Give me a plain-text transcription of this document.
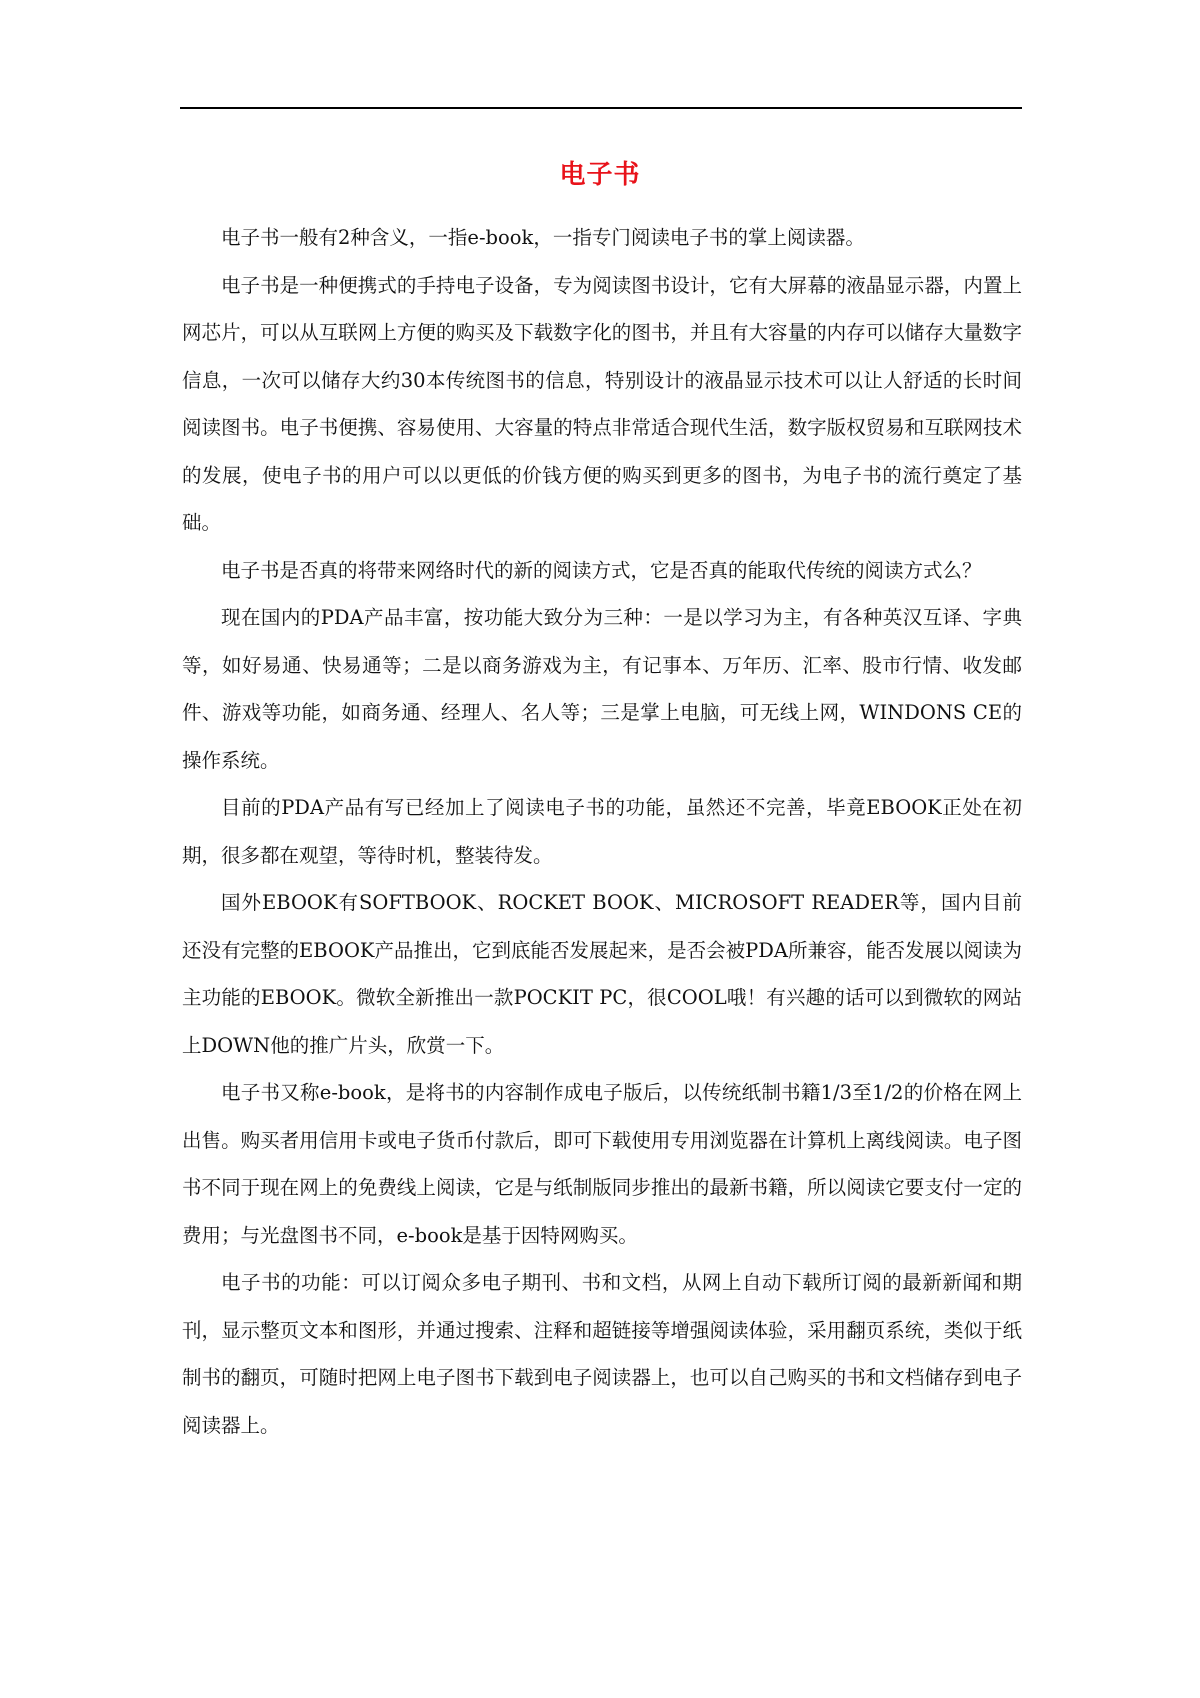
电子书

电子书一般有2种含义，一指e-book，一指专门阅读电子书的掌上阅读器。

电子书是一种便携式的手持电子设备，专为阅读图书设计，它有大屏幕的液晶显示器，内置上网芯片，可以从互联网上方便的购买及下载数字化的图书，并且有大容量的内存可以储存大量数字信息，一次可以储存大约30本传统图书的信息，特别设计的液晶显示技术可以让人舒适的长时间阅读图书。电子书便携、容易使用、大容量的特点非常适合现代生活，数字版权贸易和互联网技术的发展，使电子书的用户可以以更低的价钱方便的购买到更多的图书，为电子书的流行奠定了基础。

电子书是否真的将带来网络时代的新的阅读方式，它是否真的能取代传统的阅读方式么？

现在国内的PDA产品丰富，按功能大致分为三种：一是以学习为主，有各种英汉互译、字典等，如好易通、快易通等；二是以商务游戏为主，有记事本、万年历、汇率、股市行情、收发邮件、游戏等功能，如商务通、经理人、名人等；三是掌上电脑，可无线上网，WINDONS CE的操作系统。

目前的PDA产品有写已经加上了阅读电子书的功能，虽然还不完善，毕竟EBOOK正处在初期，很多都在观望，等待时机，整装待发。

国外EBOOK有SOFTBOOK、ROCKET BOOK、MICROSOFT READER等，国内目前还没有完整的EBOOK产品推出，它到底能否发展起来，是否会被PDA所兼容，能否发展以阅读为主功能的EBOOK。微软全新推出一款POCKIT PC，很COOL哦！有兴趣的话可以到微软的网站上DOWN他的推广片头，欣赏一下。

电子书又称e-book，是将书的内容制作成电子版后，以传统纸制书籍1/3至1/2的价格在网上出售。购买者用信用卡或电子货币付款后，即可下载使用专用浏览器在计算机上离线阅读。电子图书不同于现在网上的免费线上阅读，它是与纸制版同步推出的最新书籍，所以阅读它要支付一定的费用；与光盘图书不同，e-book是基于因特网购买。

电子书的功能：可以订阅众多电子期刊、书和文档，从网上自动下载所订阅的最新新闻和期刊，显示整页文本和图形，并通过搜索、注释和超链接等增强阅读体验，采用翻页系统，类似于纸制书的翻页，可随时把网上电子图书下载到电子阅读器上，也可以自己购买的书和文档储存到电子阅读器上。
